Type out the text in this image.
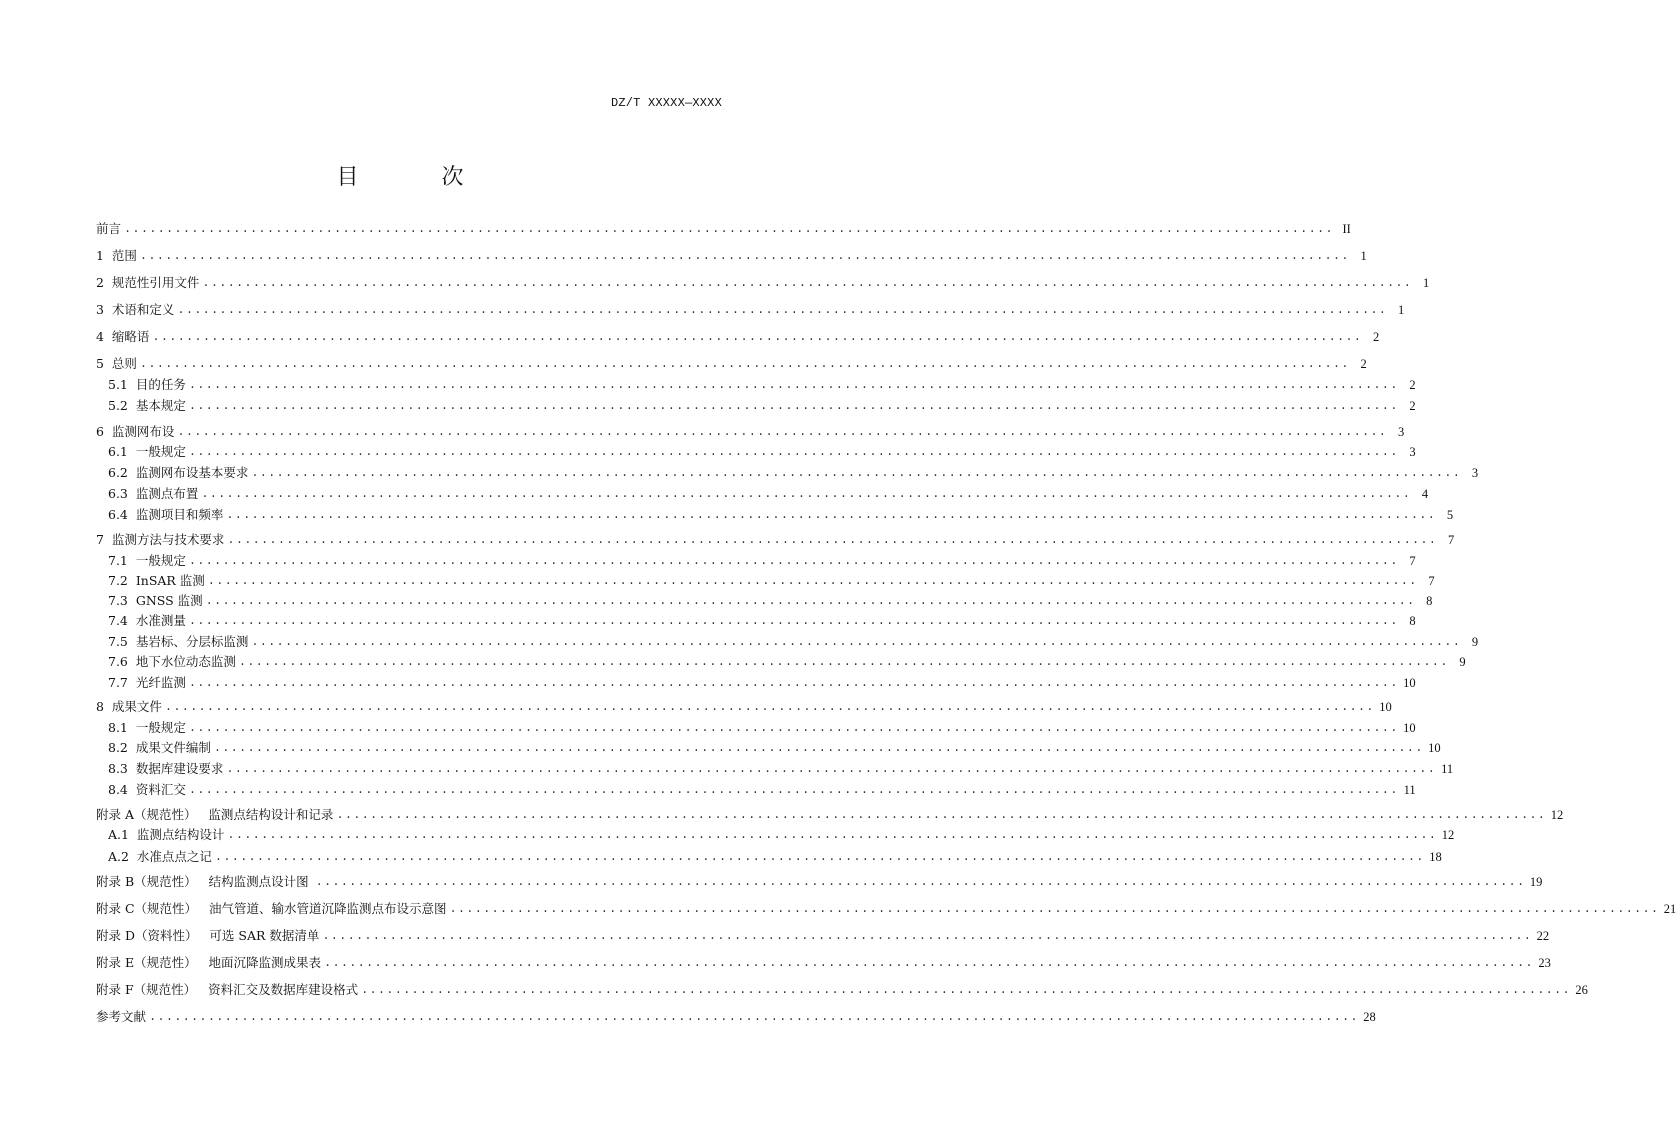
DZ/T XXXXX—XXXX
目 次
前言 ................................................................................................................................................ II
1 范围 ................................................................................................................................................ 1
2 规范性引用文件 ................................................................................................................................................ 1
3 术语和定义 ................................................................................................................................................ 1
4 缩略语 ................................................................................................................................................ 2
5 总则 ................................................................................................................................................ 2
5.1 目的任务 ................................................................................................................................................ 2
5.2 基本规定 ................................................................................................................................................ 2
6 监测网布设 ................................................................................................................................................ 3
6.1 一般规定 ................................................................................................................................................ 3
6.2 监测网布设基本要求 ................................................................................................................................................ 3
6.3 监测点布置 ................................................................................................................................................ 4
6.4 监测项目和频率 ................................................................................................................................................ 5
7 监测方法与技术要求 ................................................................................................................................................ 7
7.1 一般规定 ................................................................................................................................................ 7
7.2 InSAR 监测 ................................................................................................................................................ 7
7.3 GNSS 监测 ................................................................................................................................................ 8
7.4 水准测量 ................................................................................................................................................ 8
7.5 基岩标、分层标监测 ................................................................................................................................................ 9
7.6 地下水位动态监测 ................................................................................................................................................ 9
7.7 光纤监测 ................................................................................................................................................ 10
8 成果文件 ................................................................................................................................................ 10
8.1 一般规定 ................................................................................................................................................ 10
8.2 成果文件编制 ................................................................................................................................................ 10
8.3 数据库建设要求 ................................................................................................................................................ 11
8.4 资料汇交 ................................................................................................................................................ 11
附录 A（规范性） 监测点结构设计和记录 ................................................................................................................................................ 12
A.1 监测点结构设计 ................................................................................................................................................ 12
A.2 水准点点之记 ................................................................................................................................................ 18
附录 B（规范性） 结构监测点设计图 ................................................................................................................................................ 19
附录 C（规范性） 油气管道、输水管道沉降监测点布设示意图 ................................................................................................................................................ 21
附录 D（资料性） 可选 SAR 数据清单 ................................................................................................................................................ 22
附录 E（规范性） 地面沉降监测成果表 ................................................................................................................................................ 23
附录 F（规范性） 资料汇交及数据库建设格式 ................................................................................................................................................ 26
参考文献 ................................................................................................................................................ 28
